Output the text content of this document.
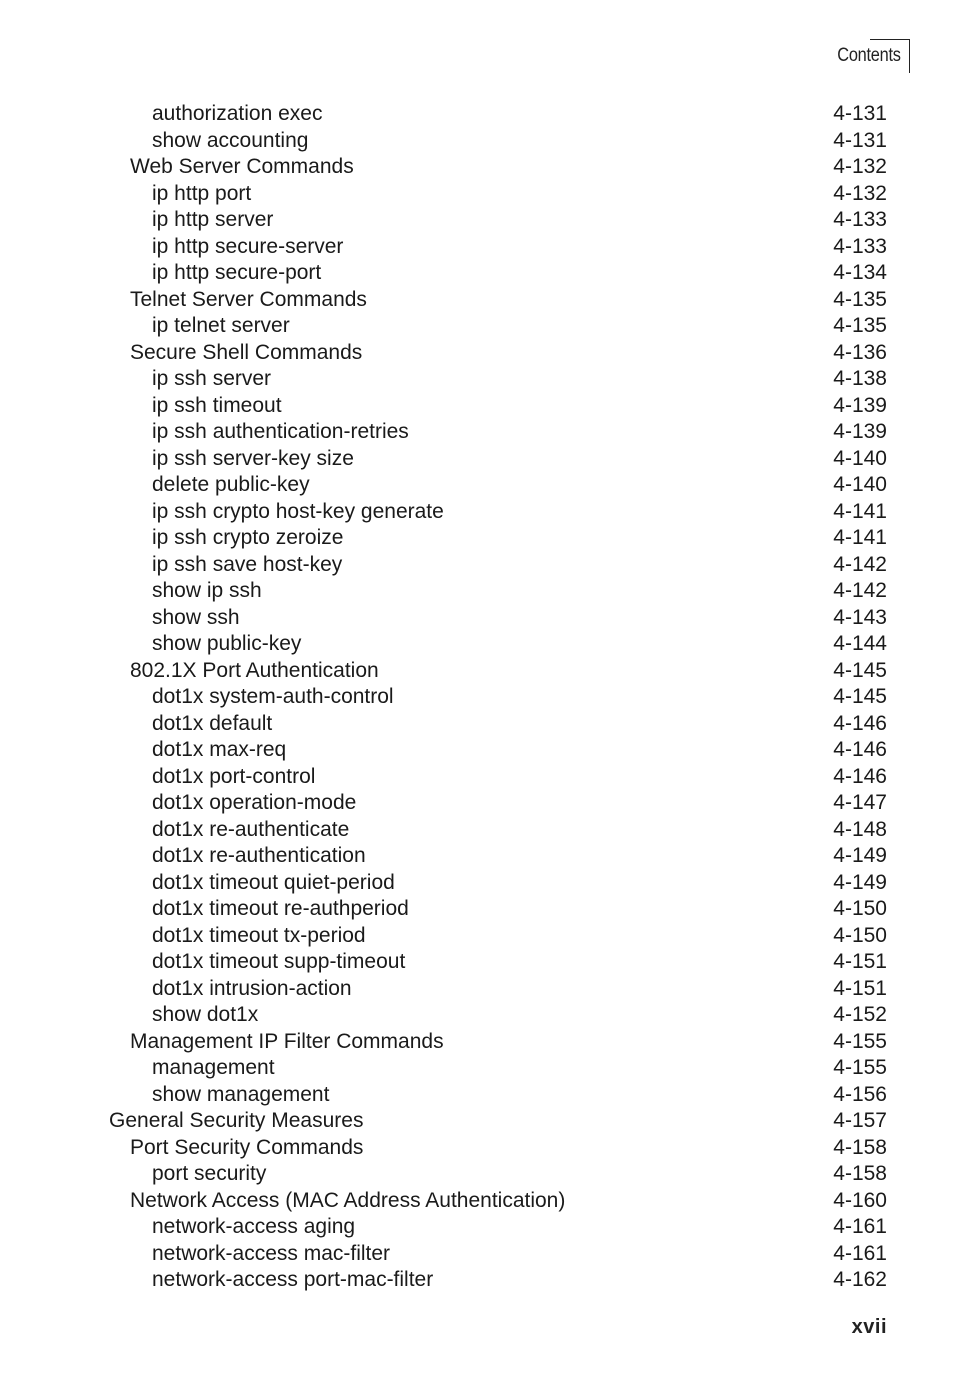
Contents
authorization exec	4-131
show accounting	4-131
Web Server Commands	4-132
ip http port	4-132
ip http server	4-133
ip http secure-server	4-133
ip http secure-port	4-134
Telnet Server Commands	4-135
ip telnet server	4-135
Secure Shell Commands	4-136
ip ssh server	4-138
ip ssh timeout	4-139
ip ssh authentication-retries	4-139
ip ssh server-key size	4-140
delete public-key	4-140
ip ssh crypto host-key generate	4-141
ip ssh crypto zeroize	4-141
ip ssh save host-key	4-142
show ip ssh	4-142
show ssh	4-143
show public-key	4-144
802.1X Port Authentication	4-145
dot1x system-auth-control	4-145
dot1x default	4-146
dot1x max-req	4-146
dot1x port-control	4-146
dot1x operation-mode	4-147
dot1x re-authenticate	4-148
dot1x re-authentication	4-149
dot1x timeout quiet-period	4-149
dot1x timeout re-authperiod	4-150
dot1x timeout tx-period	4-150
dot1x timeout supp-timeout	4-151
dot1x intrusion-action	4-151
show dot1x	4-152
Management IP Filter Commands	4-155
management	4-155
show management	4-156
General Security Measures	4-157
Port Security Commands	4-158
port security	4-158
Network Access (MAC Address Authentication)	4-160
network-access aging	4-161
network-access mac-filter	4-161
network-access port-mac-filter	4-162
xvii
